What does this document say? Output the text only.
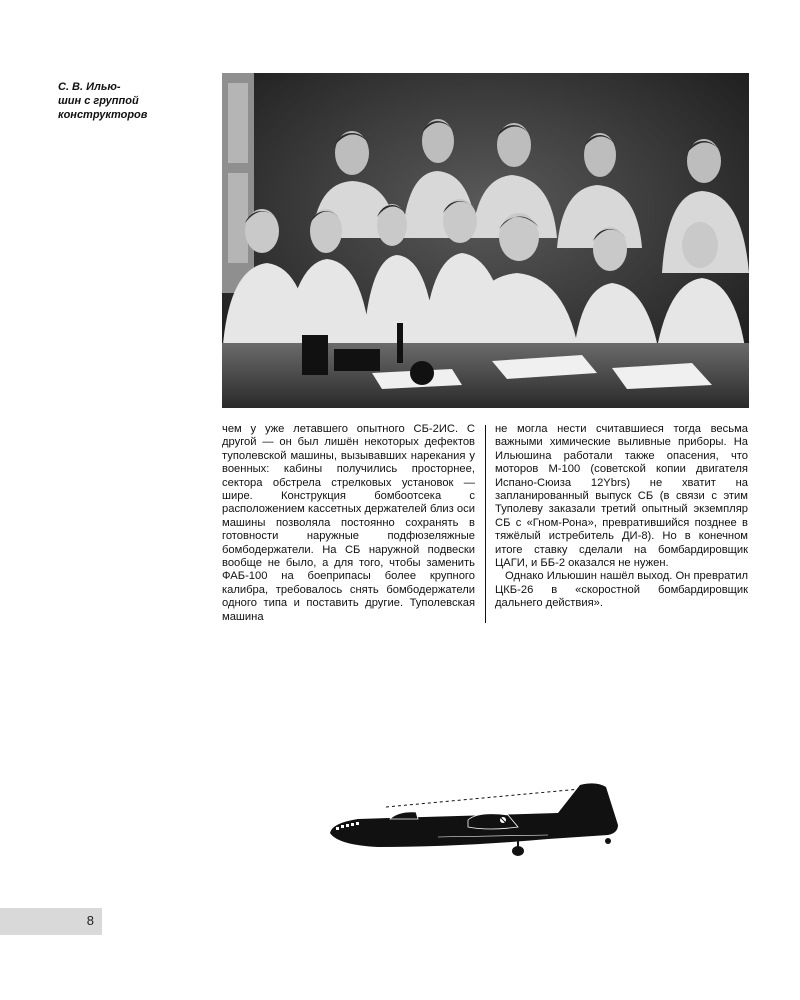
С. В. Илью-
шин с группой
конструкторов

чем у уже летавшего опытного СБ-2ИС. С другой — он был лишён некоторых дефектов туполевской машины, вызывавших нарекания у военных: кабины получились просторнее, сектора обстрела стрелковых установок — шире. Конструкция бомбоотсека с расположением кассетных держателей близ оси машины позволяла постоянно сохранять в готовности наружные подфюзеляжные бомбодержатели. На СБ наружной подвески вообще не было, а для того, чтобы заменить ФАБ-100 на боеприпасы более крупного калибра, требовалось снять бомбодержатели одного типа и поставить другие. Туполевская машина

не могла нести считавшиеся тогда весьма важными химические выливные приборы. На Ильюшина работали также опасения, что моторов М-100 (советской копии двигателя Испано-Сюиза 12Ybrs) не хватит на запланированный выпуск СБ (в связи с этим Туполеву заказали третий опытный экземпляр СБ с «Гном-Рона», превратившийся позднее в тяжёлый истребитель ДИ-8). Но в конечном итоге ставку сделали на бомбардировщик ЦАГИ, и ББ-2 оказался не нужен.

Однако Ильюшин нашёл выход. Он превратил ЦКБ-26 в «скоростной бомбардировщик дальнего действия».

8
